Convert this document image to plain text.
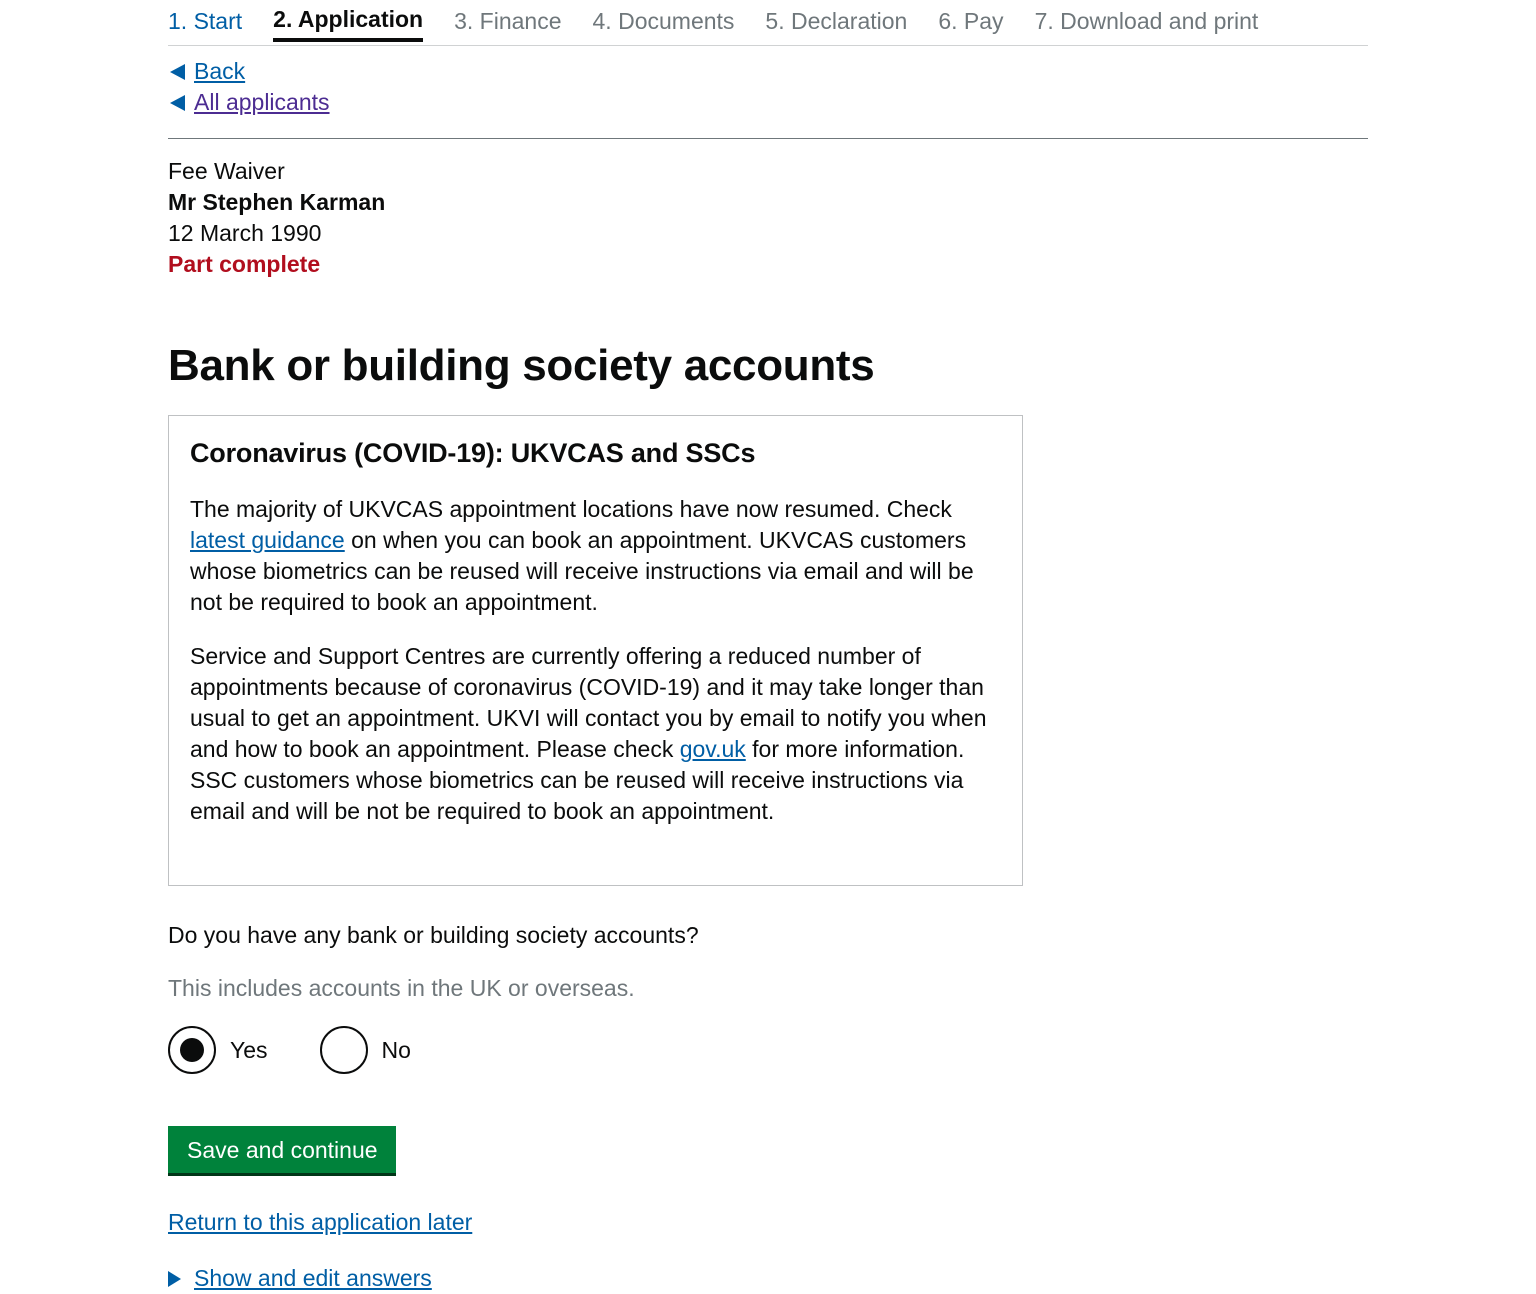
1. Start 2. Application 3. Finance 4. Documents 5. Declaration 6. Pay 7. Download and print
Back
All applicants
Fee Waiver
Mr Stephen Karman
12 March 1990
Part complete
Bank or building society accounts
Coronavirus (COVID-19): UKVCAS and SSCs

The majority of UKVCAS appointment locations have now resumed. Check latest guidance on when you can book an appointment. UKVCAS customers whose biometrics can be reused will receive instructions via email and will be not be required to book an appointment.

Service and Support Centres are currently offering a reduced number of appointments because of coronavirus (COVID-19) and it may take longer than usual to get an appointment. UKVI will contact you by email to notify you when and how to book an appointment. Please check gov.uk for more information. SSC customers whose biometrics can be reused will receive instructions via email and will be not be required to book an appointment.

Do you have any bank or building society accounts?
This includes accounts in the UK or overseas.
Yes	No
Save and continue
Return to this application later
Show and edit answers
